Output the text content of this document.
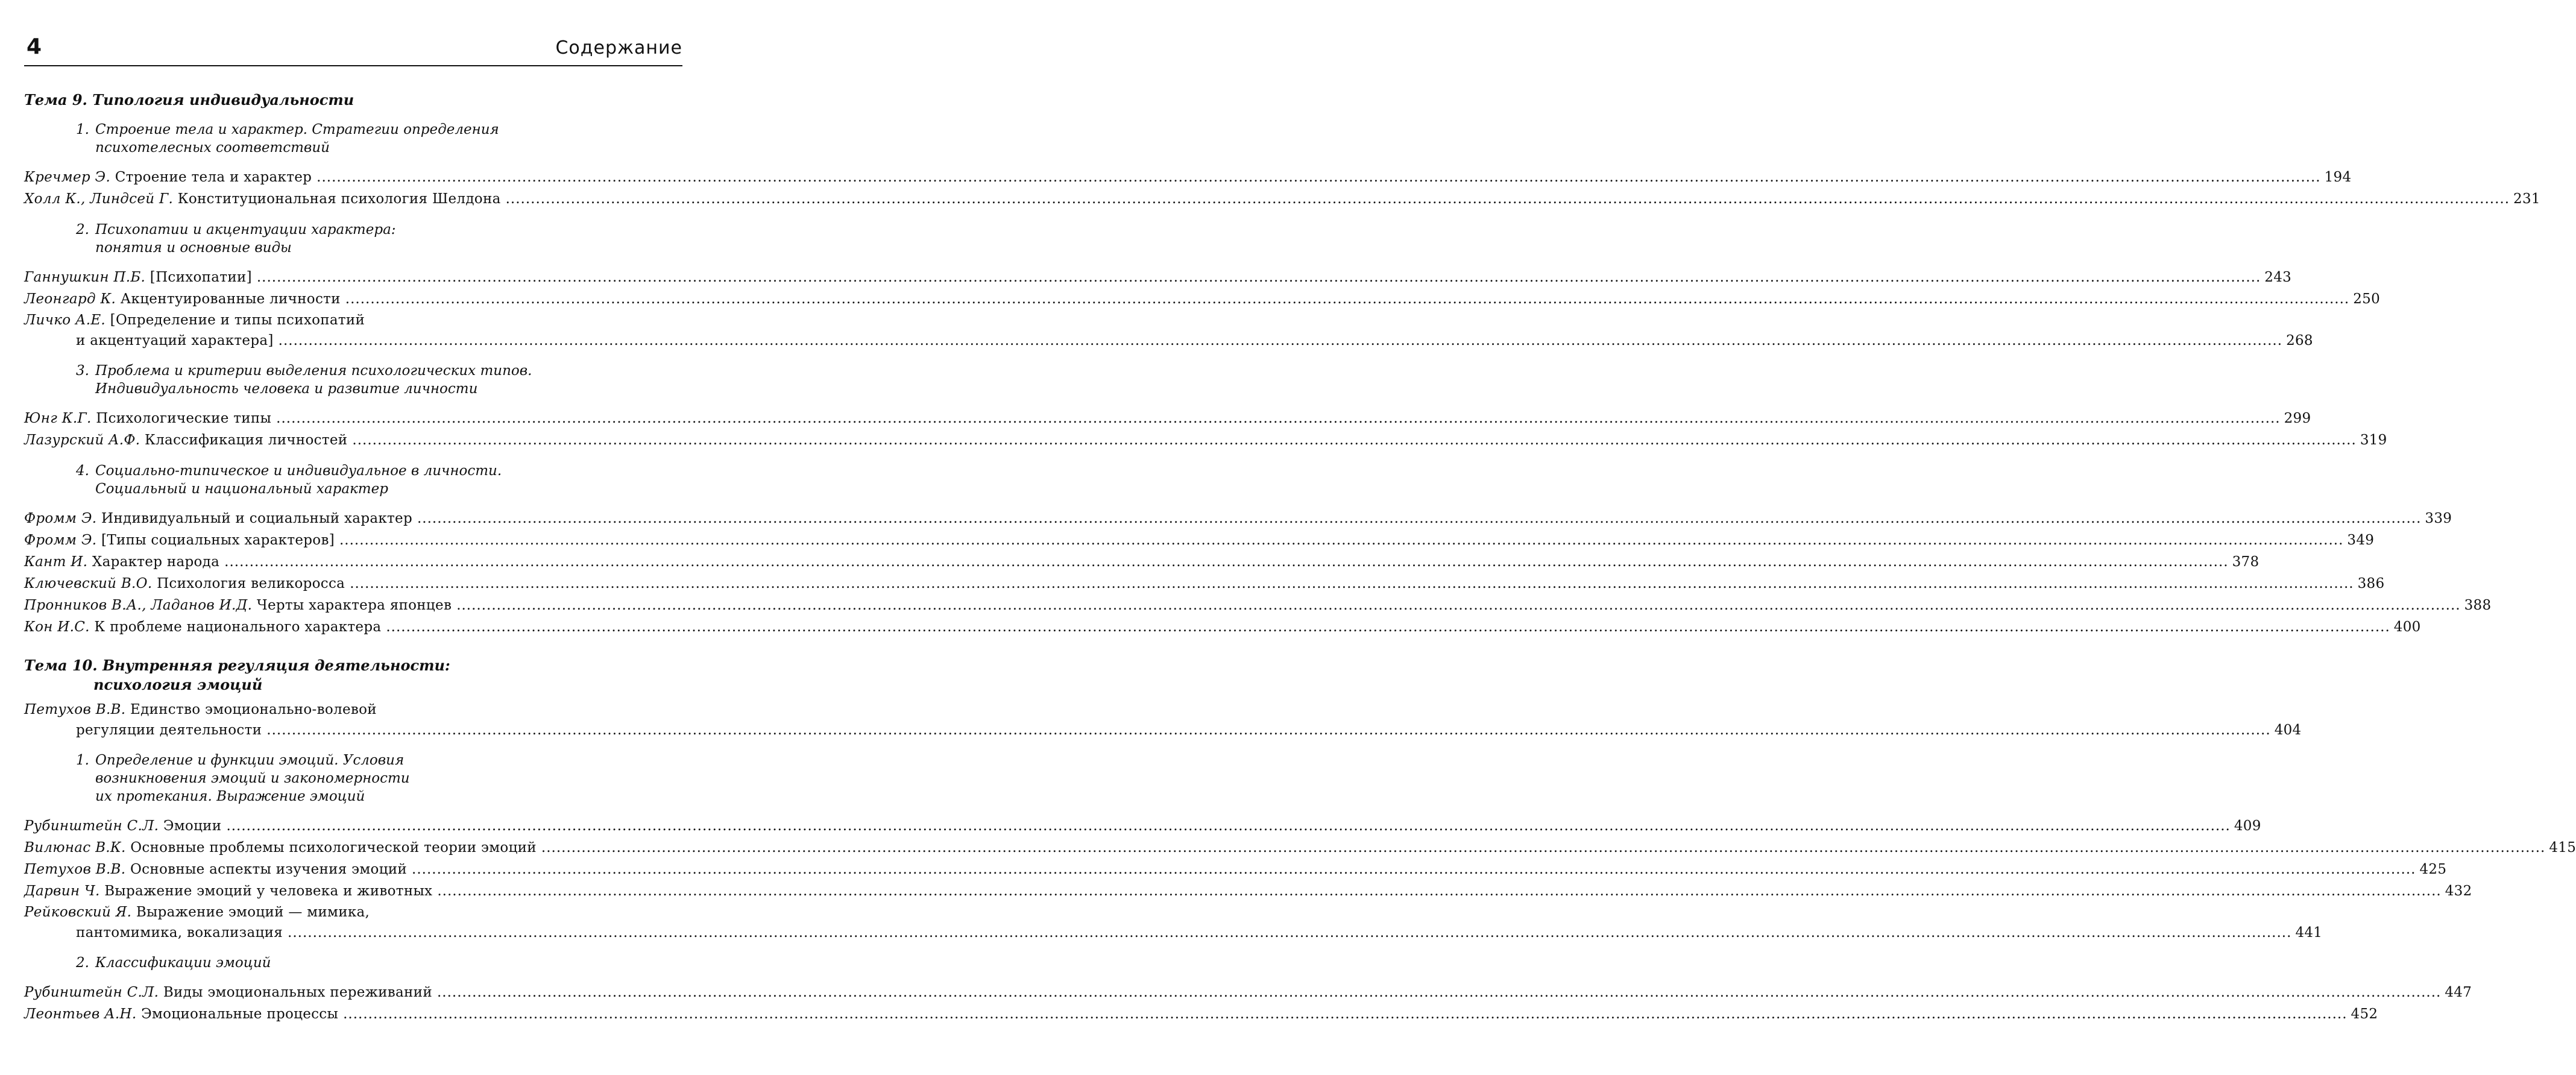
4	Содержание
Тема 9. Типология индивидуальности
1. Строение тела и характер. Стратегии определения
психотелесных соответствий
Кречмер Э. Строение тела и характер ................................................................................................................................................................................................................................................................................................................................................................................................................ 194
Холл К., Линдсей Г. Конституциональная психология Шелдона ................................................................................................................................................................................................................................................................................................................................................................................................................ 231
2. Психопатии и акцентуации характера:
понятия и основные виды
Ганнушкин П.Б. [Психопатии] ................................................................................................................................................................................................................................................................................................................................................................................................................ 243
Леонгард К. Акцентуированные личности ................................................................................................................................................................................................................................................................................................................................................................................................................ 250
Личко А.Е. [Определение и типы психопатий
и акцентуаций характера] ................................................................................................................................................................................................................................................................................................................................................................................................................ 268
3. Проблема и критерии выделения психологических типов.
Индивидуальность человека и развитие личности
Юнг К.Г. Психологические типы ................................................................................................................................................................................................................................................................................................................................................................................................................ 299
Лазурский А.Ф. Классификация личностей ................................................................................................................................................................................................................................................................................................................................................................................................................ 319
4. Социально-типическое и индивидуальное в личности.
Социальный и национальный характер
Фромм Э. Индивидуальный и социальный характер ................................................................................................................................................................................................................................................................................................................................................................................................................ 339
Фромм Э. [Типы социальных характеров] ................................................................................................................................................................................................................................................................................................................................................................................................................ 349
Кант И. Характер народа ................................................................................................................................................................................................................................................................................................................................................................................................................ 378
Ключевский В.О. Психология великоросса ................................................................................................................................................................................................................................................................................................................................................................................................................ 386
Пронников В.А., Ладанов И.Д. Черты характера японцев ................................................................................................................................................................................................................................................................................................................................................................................................................ 388
Кон И.С. К проблеме национального характера ................................................................................................................................................................................................................................................................................................................................................................................................................ 400
Тема 10. Внутренняя регуляция деятельности:
психология эмоций
Петухов В.В. Единство эмоционально-волевой
регуляции деятельности ................................................................................................................................................................................................................................................................................................................................................................................................................ 404
1. Определение и функции эмоций. Условия
возникновения эмоций и закономерности
их протекания. Выражение эмоций
Рубинштейн С.Л. Эмоции ................................................................................................................................................................................................................................................................................................................................................................................................................ 409
Вилюнас В.К. Основные проблемы психологической теории эмоций ................................................................................................................................................................................................................................................................................................................................................................................................................ 415
Петухов В.В. Основные аспекты изучения эмоций ................................................................................................................................................................................................................................................................................................................................................................................................................ 425
Дарвин Ч. Выражение эмоций у человека и животных ................................................................................................................................................................................................................................................................................................................................................................................................................ 432
Рейковский Я. Выражение эмоций — мимика,
пантомимика, вокализация ................................................................................................................................................................................................................................................................................................................................................................................................................ 441
2. Классификации эмоций
Рубинштейн С.Л. Виды эмоциональных переживаний ................................................................................................................................................................................................................................................................................................................................................................................................................ 447
Леонтьев А.Н. Эмоциональные процессы ................................................................................................................................................................................................................................................................................................................................................................................................................ 452
